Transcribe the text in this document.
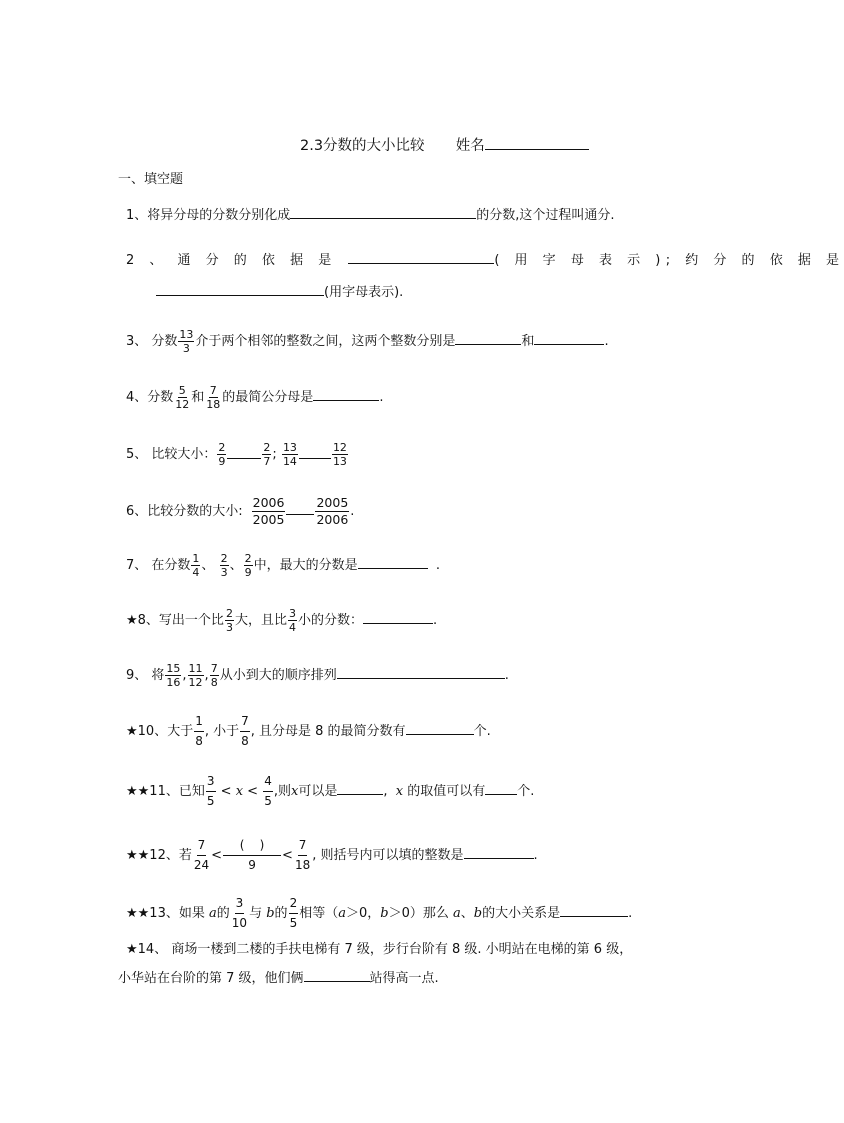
2.3分数的大小比较 姓名
一、填空题
1、将异分母的分数分别化成	的分数,这个过程叫通分.
2 、 通 分 的 依 据 是	( 用 字 母 表 示 ); 约 分 的 依 据 是
(用字母表示).
3、 分数 $\frac{13}{3}$ 介于两个相邻的整数之间，这两个整数分别是	和	.
4、分数 $\frac{5}{12}$ 和 $\frac{7}{18}$ 的最简公分母是	.
5、 比较大小： $\frac{2}{9}$	$\frac{2}{7}$ ; $\frac{13}{14}$	$\frac{12}{13}$
6、比较分数的大小: $\frac{2006}{2005} \frac{2005}{2006}$ .
7、 在分数 $\frac{1}{4}$ 、 $\frac{2}{3}$ 、 $\frac{2}{9}$ 中，最大的分数是	.
★8、写出一个比 $\frac{2}{3}$ 大，且比 $\frac{3}{4}$ 小的分数：	.
9、 将 $\frac{15}{16}$ , $\frac{11}{12}$ , $\frac{7}{8}$ 从小到大的顺序排列	.
★10、大于 $\frac{1}{8}$ , 小于 $\frac{7}{8}$ , 且分母是 8 的最简分数有	个.
★★11、已知 $\frac{3}{5} < x < \frac{4}{5}$ ,则x可以是	, x 的取值可以有 个.
★★12、若 $\frac{7}{24} < \frac{( )}{9} < \frac{7}{18}$ , 则括号内可以填的整数是	.
★★13、如果 a的 $\frac{3}{10}$ 与 b的 $\frac{2}{5}$ 相等（a＞0，b＞0）那么 a、b的大小关系是	.
★14、 商场一楼到二楼的手扶电梯有 7 级，步行台阶有 8 级. 小明站在电梯的第 6 级，
小华站在台阶的第 7 级，他们俩	站得高一点.
